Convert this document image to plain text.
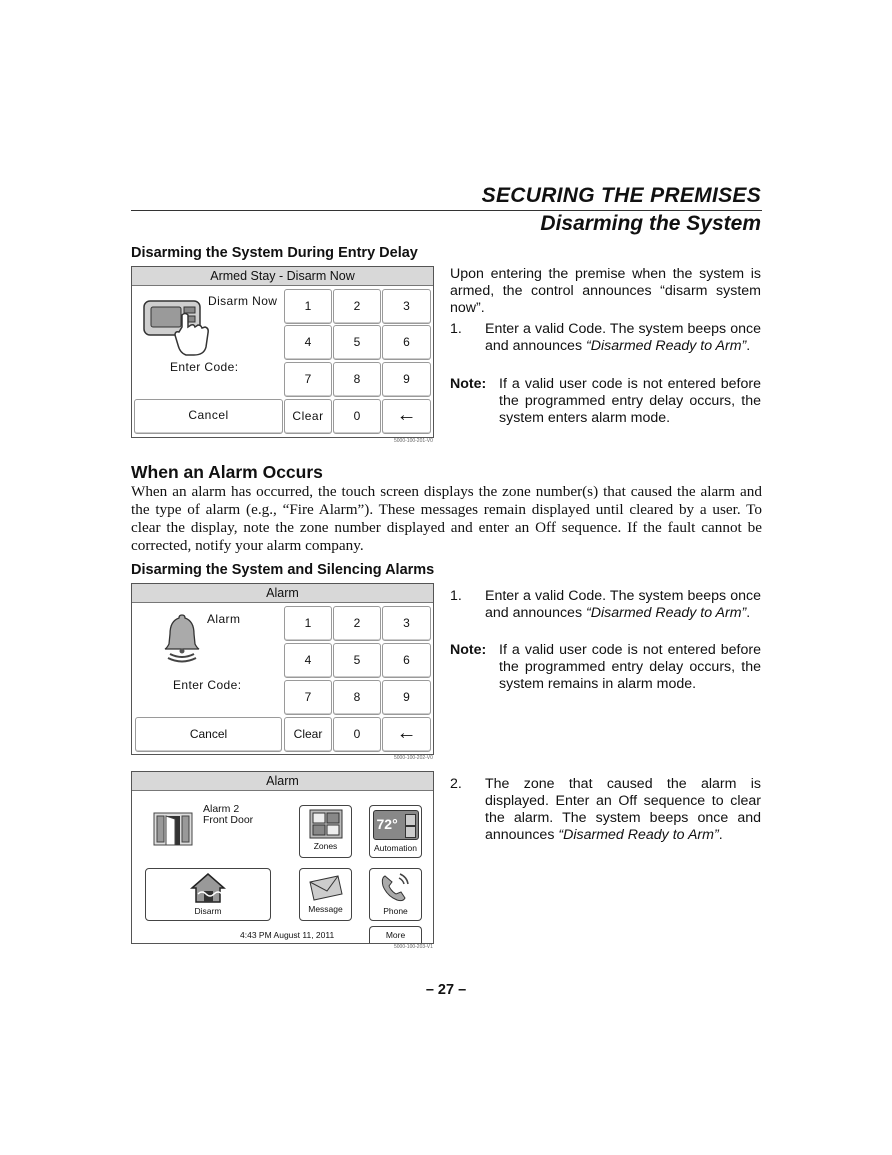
SECURING THE PREMISES
Disarming the System
Disarming the System During Entry Delay
Armed Stay - Disarm Now
Disarm Now
Enter Code:
1	2	3
4	5	6
7	8	9
Cancel	Clear	0	←
5000-100-201-V0
Upon entering the premise when the system is armed, the control announces “disarm system now”.
1. Enter a valid Code. The system beeps once and announces “Disarmed Ready to Arm”.
Note: If a valid user code is not entered before the programmed entry delay occurs, the system enters alarm mode.
When an Alarm Occurs
When an alarm has occurred, the touch screen displays the zone number(s) that caused the alarm and the type of alarm (e.g., “Fire Alarm”). These messages remain displayed until cleared by a user. To clear the display, note the zone number displayed and enter an Off sequence. If the fault cannot be corrected, notify your alarm company.
Disarming the System and Silencing Alarms
Alarm
Alarm
Enter Code:
1	2	3
4	5	6
7	8	9
Cancel	Clear	0	←
5000-100-202-V0
1. Enter a valid Code. The system beeps once and announces “Disarmed Ready to Arm”.
Note: If a valid user code is not entered before the programmed entry delay occurs, the system remains in alarm mode.
Alarm
Alarm 2
Front Door
Zones
72°
Automation
Disarm	Message	Phone
4:43 PM August 11, 2011	More
5000-100-203-V1
2. The zone that caused the alarm is displayed. Enter an Off sequence to clear the alarm. The system beeps once and announces “Disarmed Ready to Arm”.
– 27 –
